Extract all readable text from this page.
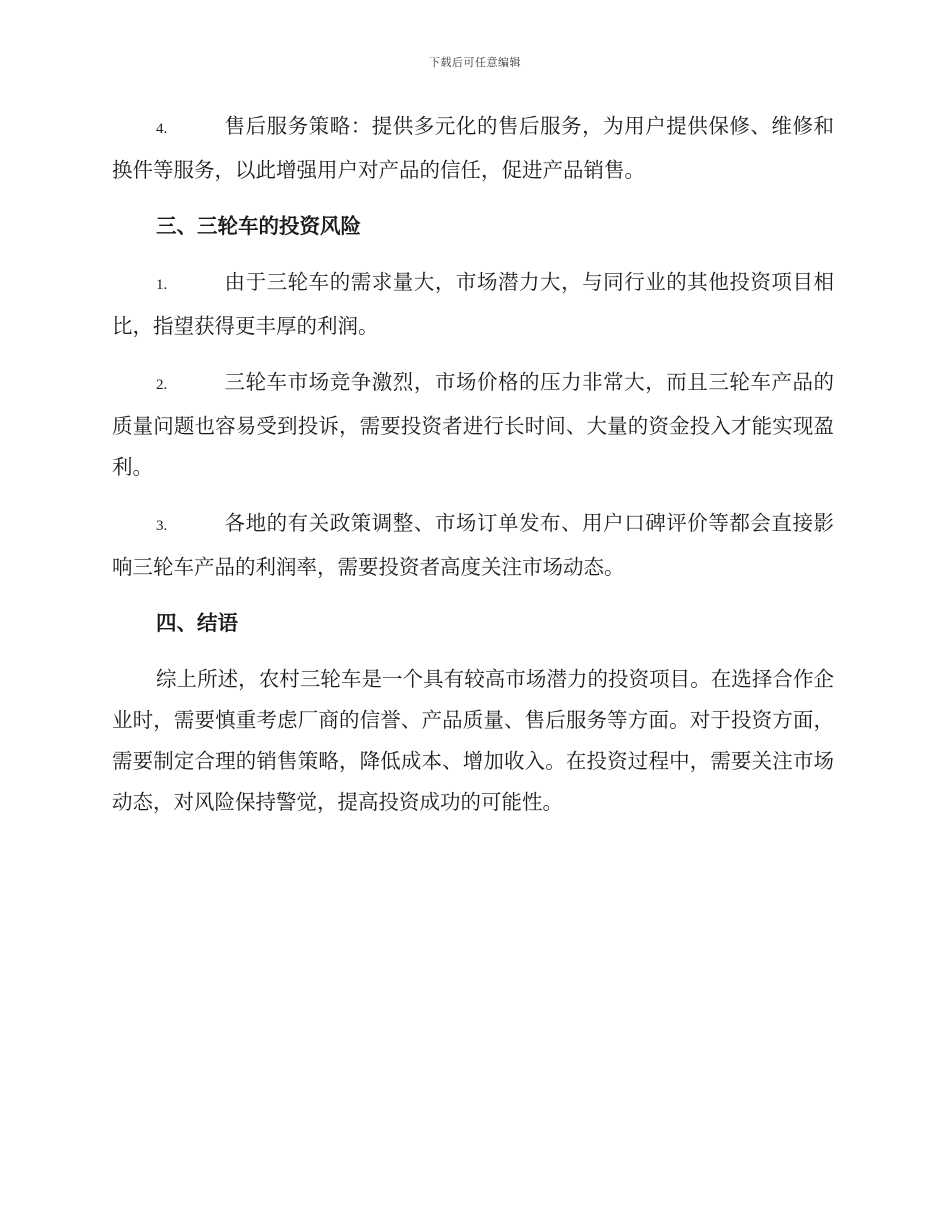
下载后可任意编辑

4.	售后服务策略：提供多元化的售后服务，为用户提供保修、维修和换件等服务，以此增强用户对产品的信任，促进产品销售。

三、三轮车的投资风险

1.	由于三轮车的需求量大，市场潜力大，与同行业的其他投资项目相比，指望获得更丰厚的利润。

2.	三轮车市场竞争激烈，市场价格的压力非常大，而且三轮车产品的质量问题也容易受到投诉，需要投资者进行长时间、大量的资金投入才能实现盈利。

3.	各地的有关政策调整、市场订单发布、用户口碑评价等都会直接影响三轮车产品的利润率，需要投资者高度关注市场动态。

四、结语

综上所述，农村三轮车是一个具有较高市场潜力的投资项目。在选择合作企业时，需要慎重考虑厂商的信誉、产品质量、售后服务等方面。对于投资方面，需要制定合理的销售策略，降低成本、增加收入。在投资过程中，需要关注市场动态，对风险保持警觉，提高投资成功的可能性。
